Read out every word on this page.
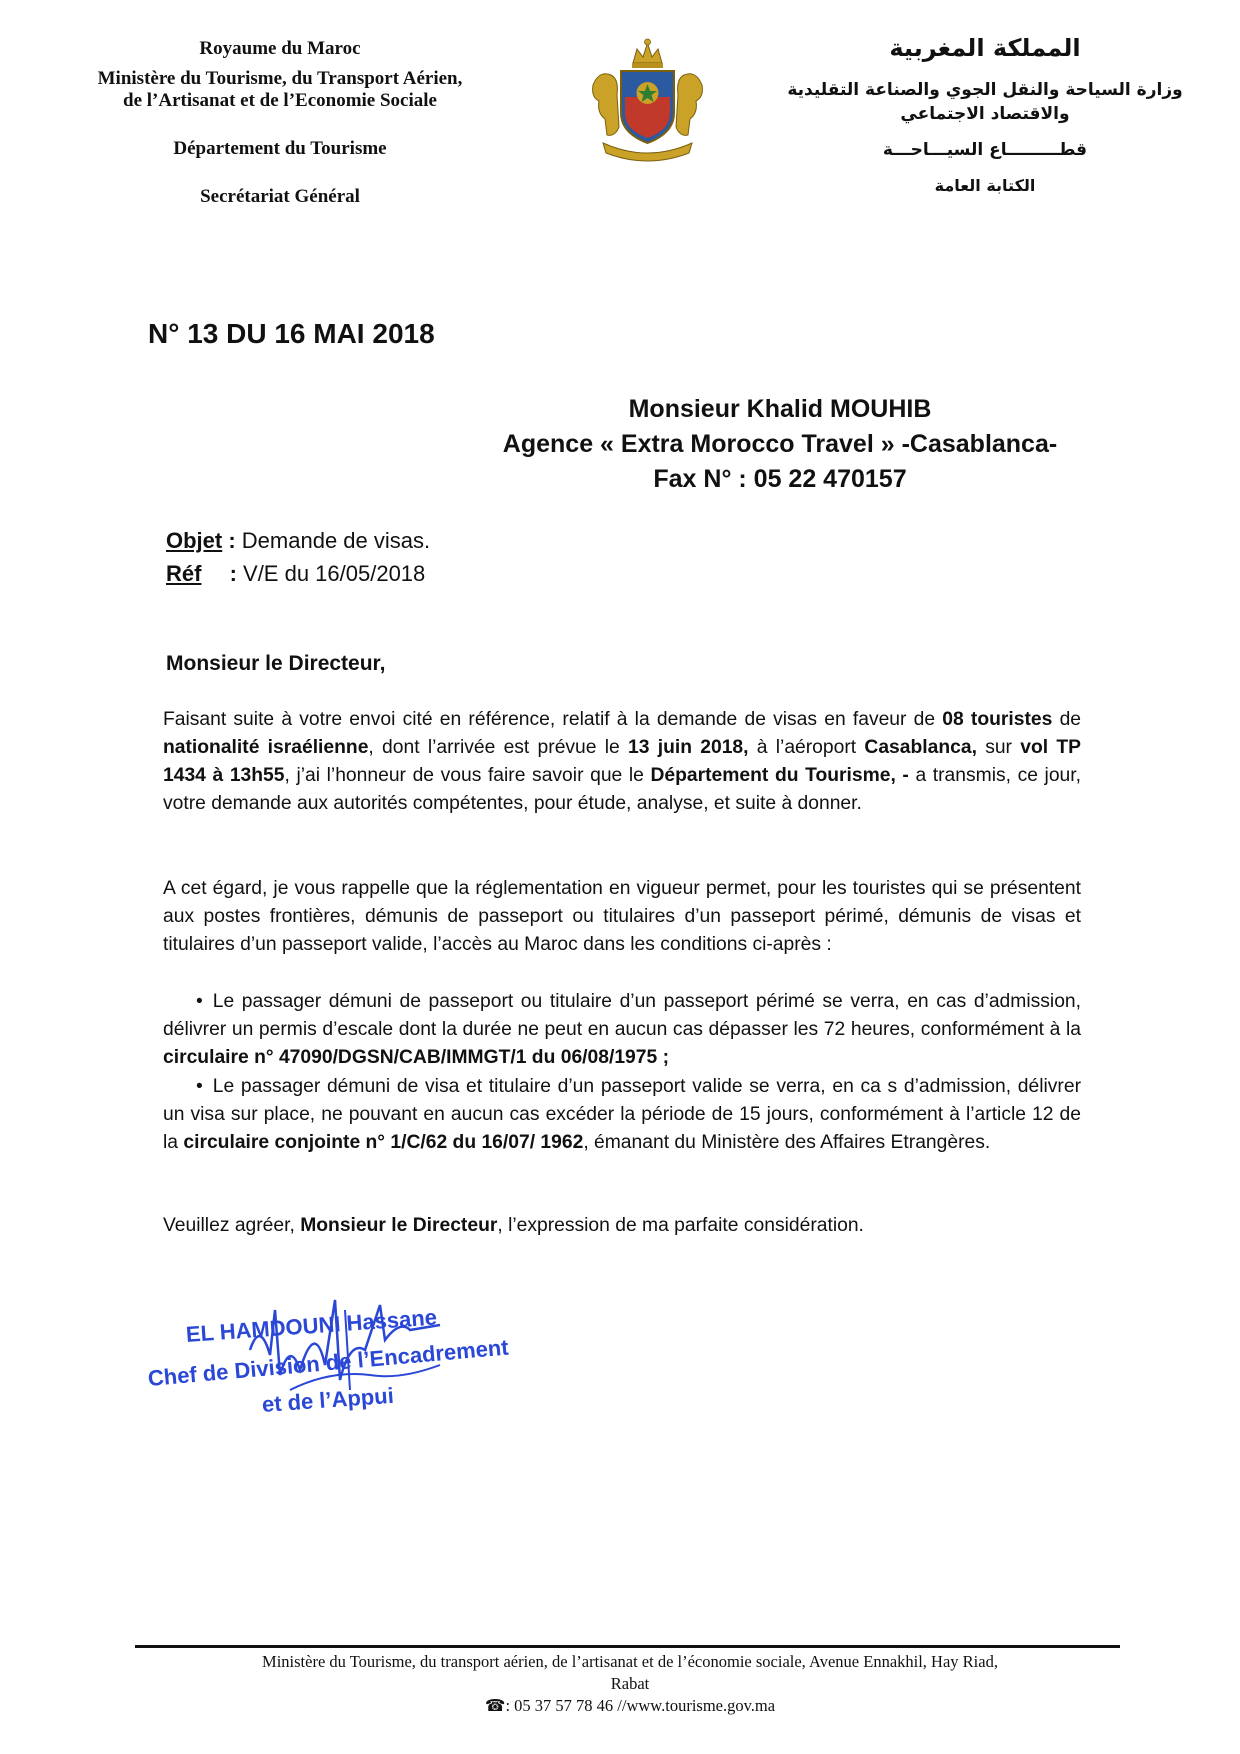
Royaume du Maroc
Ministère du Tourisme, du Transport Aérien,
de l’Artisanat et de l’Economie Sociale
Département du Tourisme
Secrétariat Général
المملكة المغربية
وزارة السياحة والنقل الجوي والصناعة التقليدية
والاقتصاد الاجتماعي
قطـــــــــاع السيـــاحـــة
الكتابة العامة
N° 13 DU 16 MAI 2018
Monsieur Khalid MOUHIB
Agence « Extra Morocco Travel » -Casablanca-
Fax N° : 05 22 470157
Objet : Demande de visas.
Réf : V/E du 16/05/2018
Monsieur le Directeur,
Faisant suite à votre envoi cité en référence, relatif à la demande de visas en faveur de 08 touristes de nationalité israélienne, dont l’arrivée est prévue le 13 juin 2018, à l’aéroport Casablanca, sur vol TP 1434 à 13h55, j’ai l’honneur de vous faire savoir que le Département du Tourisme, - a transmis, ce jour, votre demande aux autorités compétentes, pour étude, analyse, et suite à donner.
A cet égard, je vous rappelle que la réglementation en vigueur permet, pour les touristes qui se présentent aux postes frontières, démunis de passeport ou titulaires d’un passeport périmé, démunis de visas et titulaires d’un passeport valide, l’accès au Maroc dans les conditions ci-après :
• Le passager démuni de passeport ou titulaire d’un passeport périmé se verra, en cas d’admission, délivrer un permis d’escale dont la durée ne peut en aucun cas dépasser les 72 heures, conformément à la circulaire n° 47090/DGSN/CAB/IMMGT/1 du 06/08/1975 ;
• Le passager démuni de visa et titulaire d’un passeport valide se verra, en ca s d’admission, délivrer un visa sur place, ne pouvant en aucun cas excéder la période de 15 jours, conformément à l’article 12 de la circulaire conjointe n° 1/C/62 du 16/07/ 1962, émanant du Ministère des Affaires Etrangères.
Veuillez agréer, Monsieur le Directeur, l’expression de ma parfaite considération.
EL HAMDOUNI Hassane
Chef de Division de l’Encadrement
et de l’Appui
Ministère du Tourisme, du transport aérien, de l’artisanat et de l’économie sociale, Avenue Ennakhil, Hay Riad,
Rabat
☎: 05 37 57 78 46 //www.tourisme.gov.ma
